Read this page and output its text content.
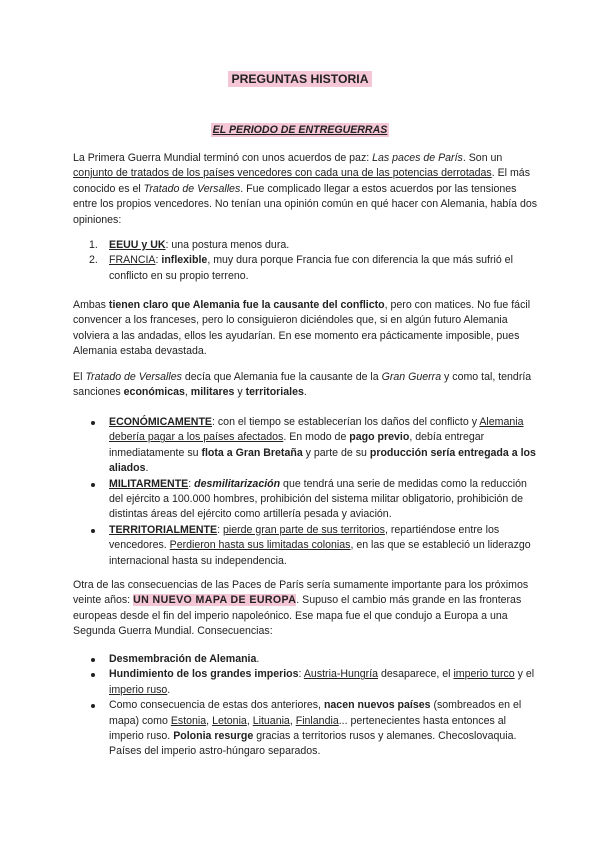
PREGUNTAS HISTORIA
EL PERIODO DE ENTREGUERRAS

La Primera Guerra Mundial terminó con unos acuerdos de paz: Las paces de París. Son un conjunto de tratados de los países vencedores con cada una de las potencias derrotadas. El más conocido es el Tratado de Versalles. Fue complicado llegar a estos acuerdos por las tensiones entre los propios vencedores. No tenían una opinión común en qué hacer con Alemania, había dos opiniones:

1. EEUU y UK: una postura menos dura.
2. FRANCIA: inflexible, muy dura porque Francia fue con diferencia la que más sufrió el conflicto en su propio terreno.

Ambas tienen claro que Alemania fue la causante del conflicto, pero con matices. No fue fácil convencer a los franceses, pero lo consiguieron diciéndoles que, si en algún futuro Alemania volviera a las andadas, ellos les ayudarían. En ese momento era pácticamente imposible, pues Alemania estaba devastada.

El Tratado de Versalles decía que Alemania fue la causante de la Gran Guerra y como tal, tendría sanciones económicas, militares y territoriales.

ECONÓMICAMENTE: con el tiempo se establecerían los daños del conflicto y Alemania debería pagar a los países afectados. En modo de pago previo, debía entregar inmediatamente su flota a Gran Bretaña y parte de su producción sería entregada a los aliados.
MILITARMENTE: desmilitarización que tendrá una serie de medidas como la reducción del ejército a 100.000 hombres, prohibición del sistema militar obligatorio, prohibición de distintas áreas del ejército como artillería pesada y aviación.
TERRITORIALMENTE: pierde gran parte de sus territorios, repartiéndose entre los vencedores. Perdieron hasta sus limitadas colonias, en las que se estableció un liderazgo internacional hasta su independencia.

Otra de las consecuencias de las Paces de París sería sumamente importante para los próximos veinte años: UN NUEVO MAPA DE EUROPA. Supuso el cambio más grande en las fronteras europeas desde el fin del imperio napoleónico. Ese mapa fue el que condujo a Europa a una Segunda Guerra Mundial. Consecuencias:

Desmembración de Alemania.
Hundimiento de los grandes imperios: Austria-Hungría desaparece, el imperio turco y el imperio ruso.
Como consecuencia de estas dos anteriores, nacen nuevos países (sombreados en el mapa) como Estonia, Letonia, Lituania, Finlandia... pertenecientes hasta entonces al imperio ruso. Polonia resurge gracias a territorios rusos y alemanes. Checoslovaquia. Países del imperio astro-húngaro separados.
